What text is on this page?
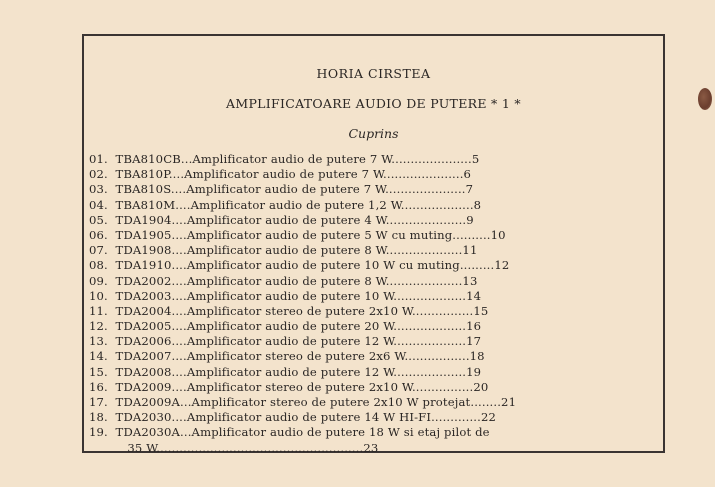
HORIA CIRSTEA
AMPLIFICATOARE AUDIO DE PUTERE * 1 *
Cuprins
01.  TBA810CB...Amplificator audio de putere 7 W.....................5
02.  TBA810P....Amplificator audio de putere 7 W.....................6
03.  TBA810S....Amplificator audio de putere 7 W.....................7
04.  TBA810M....Amplificator audio de putere 1,2 W...................8
05.  TDA1904....Amplificator audio de putere 4 W.....................9
06.  TDA1905....Amplificator audio de putere 5 W cu muting..........10
07.  TDA1908....Amplificator audio de putere 8 W....................11
08.  TDA1910....Amplificator audio de putere 10 W cu muting.........12
09.  TDA2002....Amplificator audio de putere 8 W....................13
10.  TDA2003....Amplificator audio de putere 10 W...................14
11.  TDA2004....Amplificator stereo de putere 2x10 W................15
12.  TDA2005....Amplificator audio de putere 20 W...................16
13.  TDA2006....Amplificator audio de putere 12 W...................17
14.  TDA2007....Amplificator stereo de putere 2x6 W.................18
15.  TDA2008....Amplificator audio de putere 12 W...................19
16.  TDA2009....Amplificator stereo de putere 2x10 W................20
17.  TDA2009A...Amplificator stereo de putere 2x10 W protejat........21
18.  TDA2030....Amplificator audio de putere 14 W HI-FI.............22
19.  TDA2030A...Amplificator audio de putere 18 W si etaj pilot de
35 W......................................................23
